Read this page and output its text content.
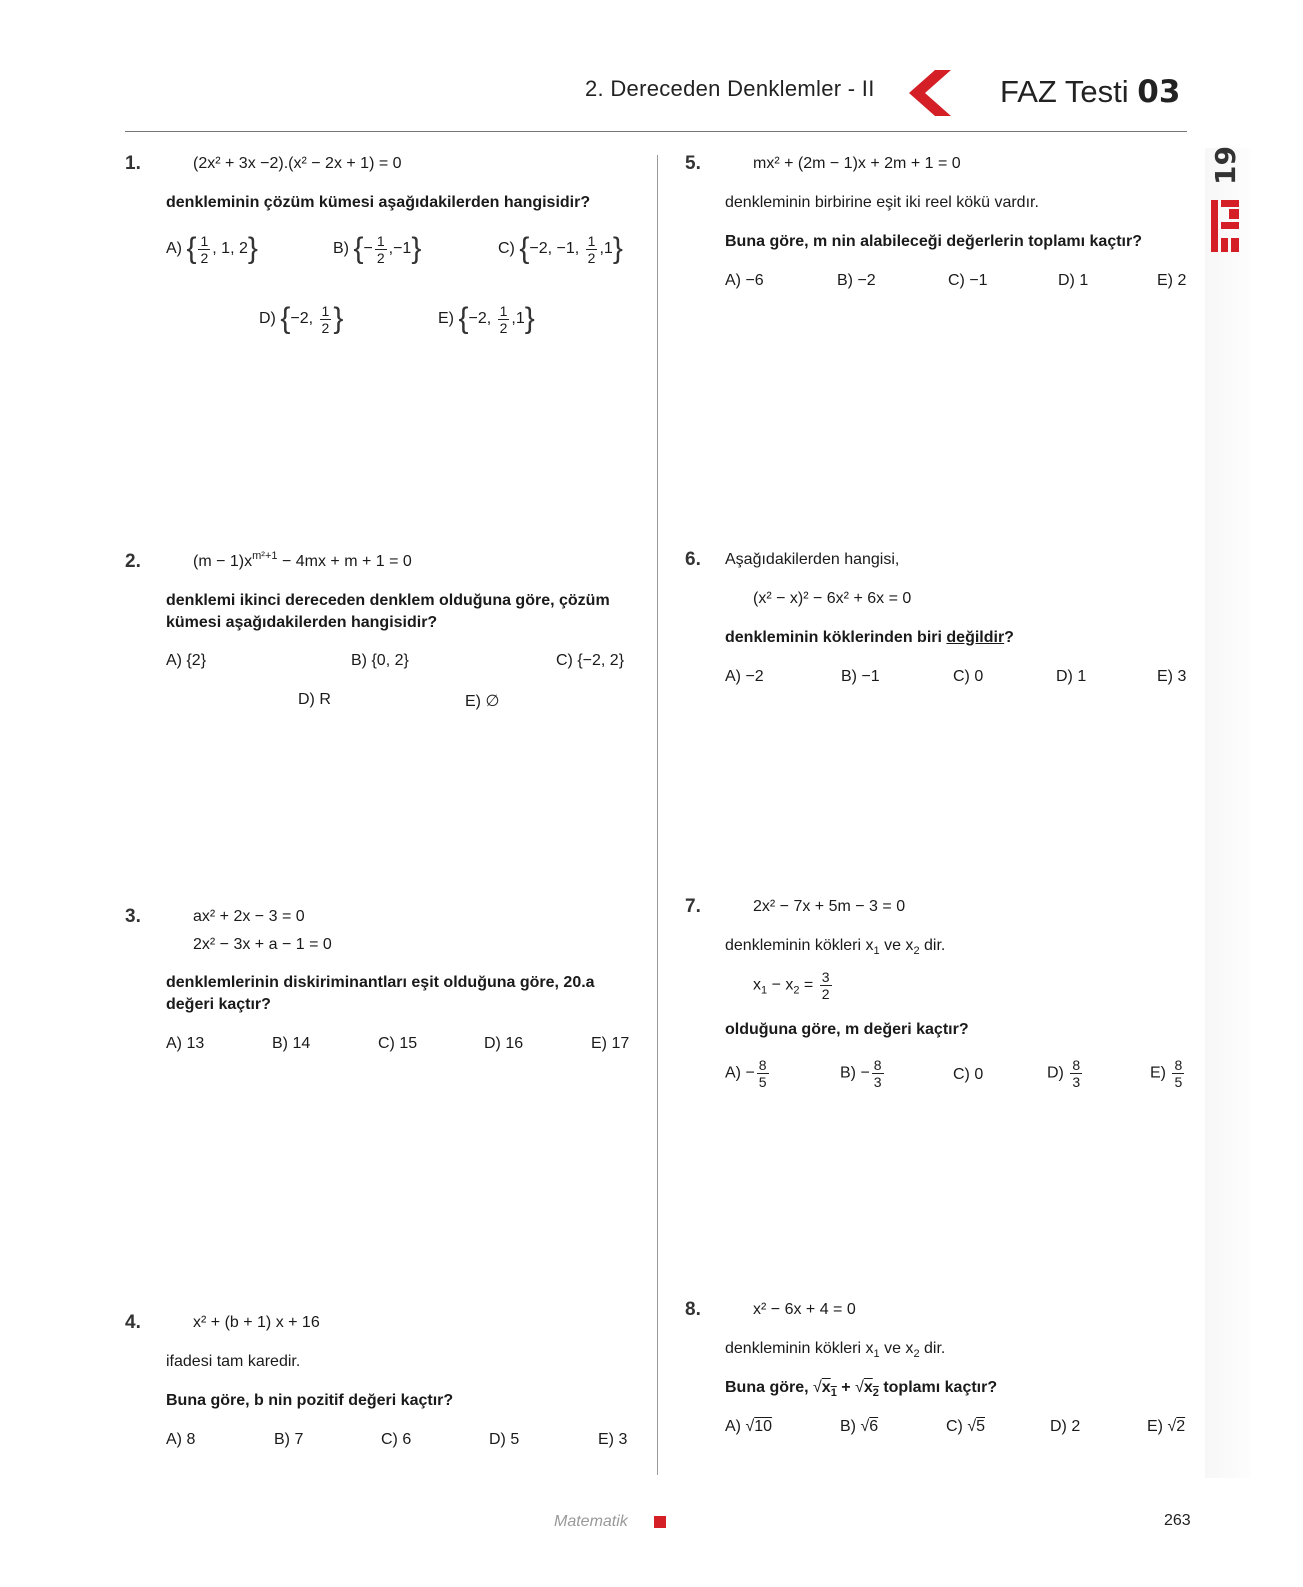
2. Dereceden Denklemler - II	FAZ Testi 03
19
1.	(2x² + 3x −2).(x² − 2x + 1) = 0
denkleminin çözüm kümesi aşağıdakilerden hangisidir?
A) { $\frac{1}{2}$ , 1, 2}	B) {− $\frac{1}{2} ,-1$}	C) {−2, −1, $\frac{1}{2} ,1$}
D) {−2, $\frac{1}{2}$ }	E) {−2, $\frac{1}{2} ,1$}
2.	$(m - 1)x^{m^2+1} - 4mx + m + 1 = 0$
denklemi ikinci dereceden denklem olduğuna göre, çözüm
kümesi aşağıdakilerden hangisidir?
A) {2}	B) {0, 2}	C) {−2, 2}
D) R	E) ∅
3.	ax² + 2x − 3 = 0
2x² − 3x + a − 1 = 0
denklemlerinin diskiriminantları eşit olduğuna göre, 20.a
değeri kaçtır?
A) 13	B) 14	C) 15	D) 16	E) 17
4.	x² + (b + 1) x + 16
ifadesi tam karedir.
Buna göre, b nin pozitif değeri kaçtır?
A) 8	B) 7	C) 6	D) 5	E) 3
5.	mx² + (2m − 1)x + 2m + 1 = 0
denkleminin birbirine eşit iki reel kökü vardır.
Buna göre, m nin alabileceği değerlerin toplamı kaçtır?
A) −6	B) −2	C) −1	D) 1	E) 2
6. Aşağıdakilerden hangisi,
(x² − x)² − 6x² + 6x = 0
denkleminin köklerinden biri değildir?
A) −2	B) −1	C) 0	D) 1	E) 3
7.	2x² − 7x + 5m − 3 = 0
denkleminin kökleri $x_1$ ve $x_2$ dir.
$x_1 - x_2 = \frac{3}{2}$
olduğuna göre, m değeri kaçtır?
$A) - \frac{8}{5}$	$B) - \frac{8}{3}$	C) 0	$D) \frac{8}{3}$	$E) \frac{8}{5}$
8.	x² − 6x + 4 = 0
denkleminin kökleri $x_1$ ve $x_2$ dir.
Buna göre, $√x_1 + √x_2$ toplamı kaçtır?
A) √10	B) √6	C) √5	D) 2	E) √2
Matematik	263
